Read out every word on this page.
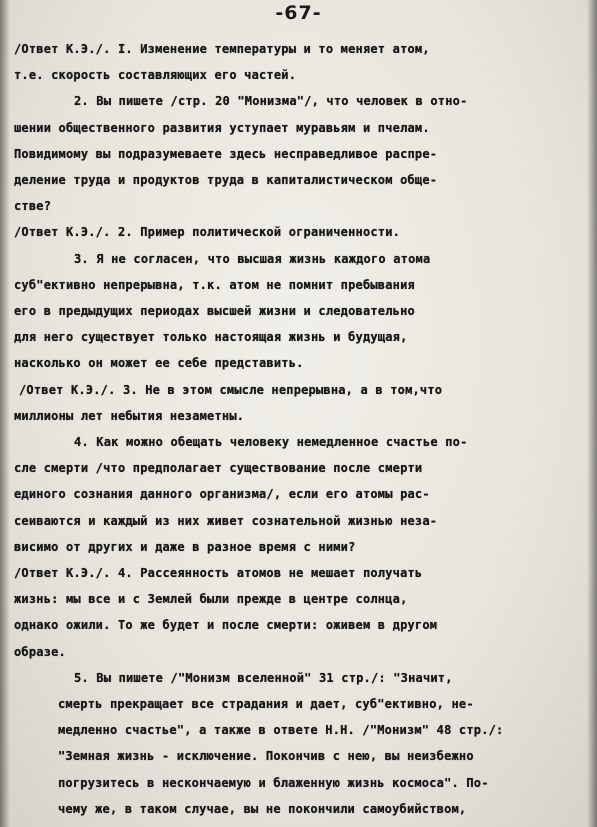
-67-
/Ответ К.Э./. I. Изменение температуры и то меняет атом,
т.е. скорость составляющих его частей.
2. Вы пишете /стр. 20 "Монизма"/, что человек в отно-
шении общественного развития уступает муравьям и пчелам.
Повидимому вы подразумеваете здесь несправедливое распре-
деление труда и продуктов труда в капиталистическом обще-
стве?
/Ответ К.Э./. 2. Пример политической ограниченности.
3. Я не согласен, что высшая жизнь каждого атома
суб"ективно непрерывна, т.к. атом не помнит пребывания
его в предыдущих периодах высшей жизни и следовательно
для него существует только настоящая жизнь и будущая,
насколько он может ее себе представить.
/Ответ К.Э./. 3. Не в этом смысле непрерывна, а в том,что
миллионы лет небытия незаметны.
4. Как можно обещать человеку немедленное счастье по-
сле смерти /что предполагает существование после смерти
единого сознания данного организма/, если его атомы рас-
сеиваются и каждый из них живет сознательной жизнью неза-
висимо от других и даже в разное время с ними?
/Ответ К.Э./. 4. Рассеянность атомов не мешает получать
жизнь: мы все и с Землей были прежде в центре солнца,
однако ожили. То же будет и после смерти: оживем в другом
образе.
5. Вы пишете /"Монизм вселенной" 31 стр./: "Значит,
смерть прекращает все страдания и дает, суб"ективно, не-
медленно счастье", а также в ответе Н.Н. /"Монизм" 48 стр./:
"Земная жизнь - исключение. Покончив с нею, вы неизбежно
погрузитесь в нескончаемую и блаженную жизнь космоса". По-
чему же, в таком случае, вы не покончили самоубийством,
